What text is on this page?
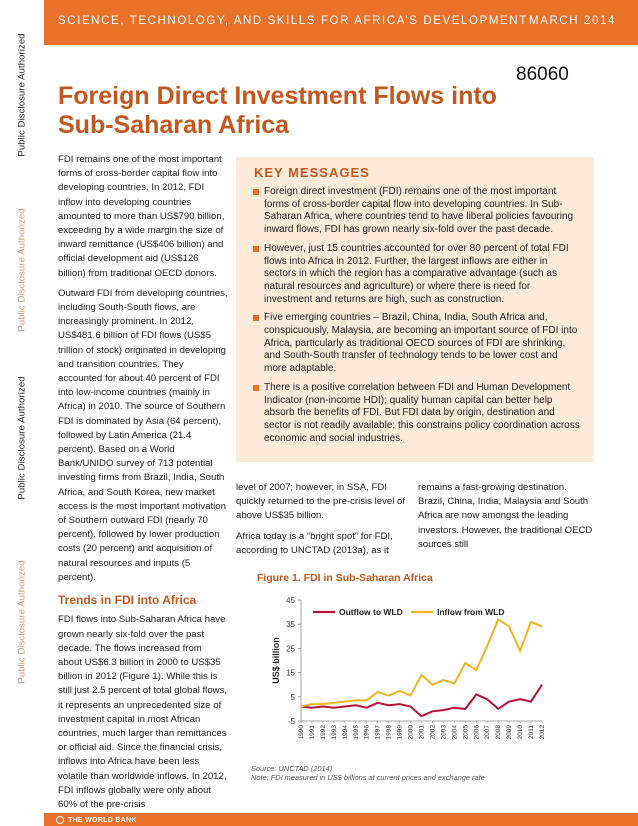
Public Disclosure Authorized
Public Disclosure Authorized
Public Disclosure Authorized
Public Disclosure Authorized
SCIENCE, TECHNOLOGY, AND SKILLS FOR AFRICA’S DEVELOPMENT MARCH 2014
86060
Foreign Direct Investment Flows into Sub-Saharan Africa

FDI remains one of the most important forms of cross-border capital flow into developing countries. In 2012, FDI inflow into developing countries amounted to more than US$790 billion, exceeding by a wide margin the size of inward remittance (US$406 billion) and official development aid (US$126 billion) from traditional OECD donors.

Outward FDI from developing countries, including South-South flows, are increasingly prominent. In 2012, US$481.6 billion of FDI flows (US$5 trillion of stock) originated in developing and transition countries. They accounted for about 40 percent of FDI into low-income countries (mainly in Africa) in 2010. The source of Southern FDI is dominated by Asia (64 percent), followed by Latin America (21.4 percent). Based on a World Bank/UNIDO survey of 713 potential investing firms from Brazil, India, South Africa, and South Korea, new market access is the most important motivation of Southern outward FDI (nearly 70 percent), followed by lower production costs (20 percent) and acquisition of natural resources and inputs (5 percent).

Trends in FDI into Africa

FDI flows into Sub-Saharan Africa have grown nearly six-fold over the past decade. The flows increased from about US$6.3 billion in 2000 to US$35 billion in 2012 (Figure 1). While this is still just 2.5 percent of total global flows, it represents an unprecedented size of investment capital in most African countries, much larger than remittances or official aid. Since the financial crisis, inflows into Africa have been less volatile than worldwide inflows. In 2012, FDI inflows globally were only about 60% of the pre-crisis

KEY MESSAGES
Foreign direct investment (FDI) remains one of the most important forms of cross-border capital flow into developing countries. In Sub-Saharan Africa, where countries tend to have liberal policies favouring inward flows, FDI has grown nearly six-fold over the past decade.
However, just 15 countries accounted for over 80 percent of total FDI flows into Africa in 2012. Further, the largest inflows are either in sectors in which the region has a comparative advantage (such as natural resources and agriculture) or where there is need for investment and returns are high, such as construction.
Five emerging countries – Brazil, China, India, South Africa and, conspicuously, Malaysia, are becoming an important source of FDI into Africa, particularly as traditional OECD sources of FDI are shrinking, and South-South transfer of technology tends to be lower cost and more adaptable.
There is a positive correlation between FDI and Human Development Indicator (non-income HDI); quality human capital can better help absorb the benefits of FDI. But FDI data by origin, destination and sector is not readily available; this constrains policy coordination across economic and social industries.

level of 2007; however, in SSA, FDI quickly returned to the pre-crisis level of above US$35 billion.

Africa today is a “bright spot” for FDI, according to UNCTAD (2013a), as it

remains a fast-growing destination. Brazil, China, India, Malaysia and South Africa are now amongst the leading investors. However, the traditional OECD sources still

Figure 1. FDI in Sub-Saharan Africa
-5
5
15
25
35
45
US$ billion
1990 1991 1992 1993 1994 1995 1996 1997 1998 1999 2000 2001 2002 2003 2004 2005 2006 2007 2008 2009 2010 2011 2012
Outflow to WLD	Inflow from WLD
Source: UNCTAD (2014)
Note: FDI measured in US$ billions at current prices and exchange rate
THE WORLD BANK
